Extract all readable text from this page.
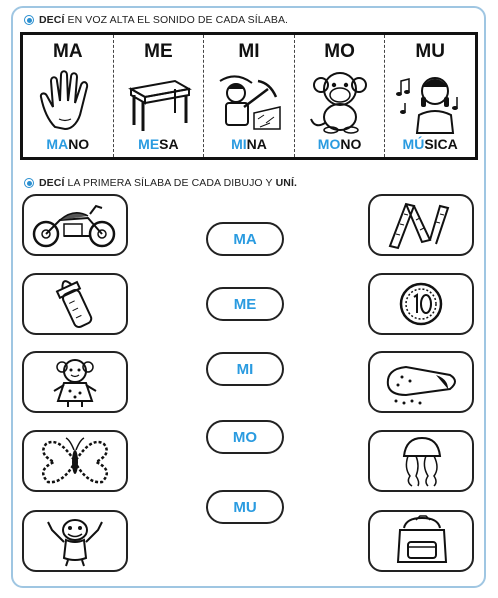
DECÍ EN VOZ ALTA EL SONIDO DE CADA SÍLABA.
MA
MANO
ME
MESA
MI
MINA
MO
MONO
MU
MÚSICA
DECÍ LA PRIMERA SÍLABA DE CADA DIBUJO Y UNÍ.
MA
ME
MI
MO
MU
